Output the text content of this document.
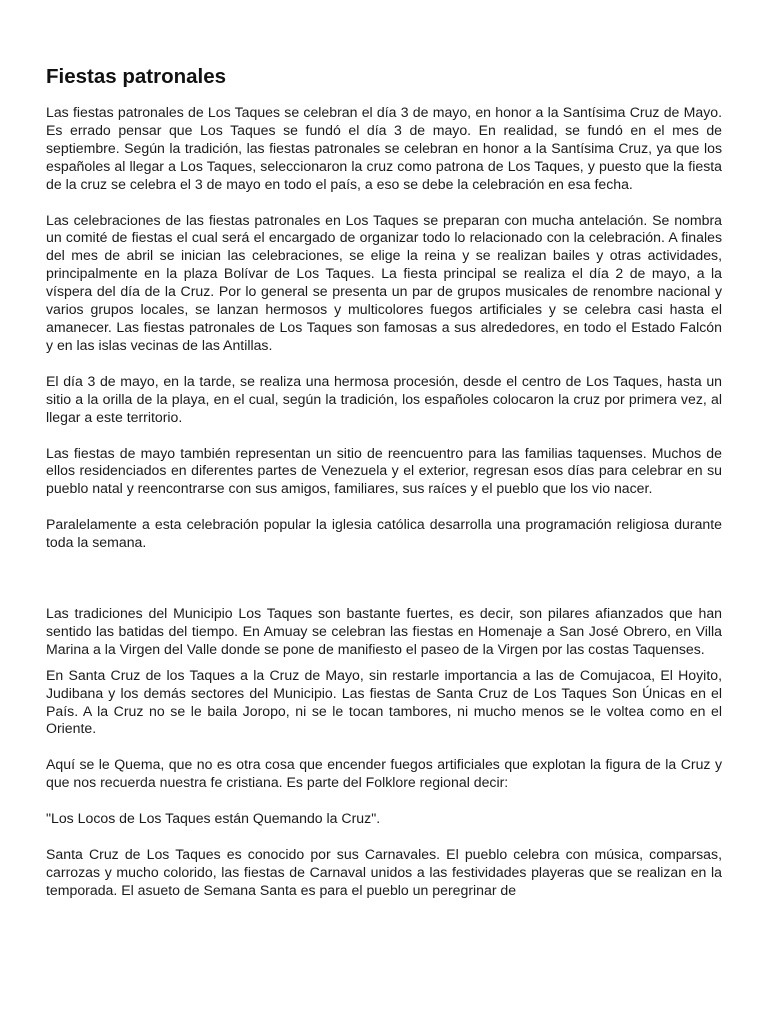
Fiestas patronales

Las fiestas patronales de Los Taques se celebran el día 3 de mayo, en honor a la Santísima Cruz de Mayo. Es errado pensar que Los Taques se fundó el día 3 de mayo. En realidad, se fundó en el mes de septiembre. Según la tradición, las fiestas patronales se celebran en honor a la Santísima Cruz, ya que los españoles al llegar a Los Taques, seleccionaron la cruz como patrona de Los Taques, y puesto que la fiesta de la cruz se celebra el 3 de mayo en todo el país, a eso se debe la celebración en esa fecha.

Las celebraciones de las fiestas patronales en Los Taques se preparan con mucha antelación. Se nombra un comité de fiestas el cual será el encargado de organizar todo lo relacionado con la celebración. A finales del mes de abril se inician las celebraciones, se elige la reina y se realizan bailes y otras actividades, principalmente en la plaza Bolívar de Los Taques. La fiesta principal se realiza el día 2 de mayo, a la víspera del día de la Cruz. Por lo general se presenta un par de grupos musicales de renombre nacional y varios grupos locales, se lanzan hermosos y multicolores fuegos artificiales y se celebra casi hasta el amanecer. Las fiestas patronales de Los Taques son famosas a sus alrededores, en todo el Estado Falcón y en las islas vecinas de las Antillas.

El día 3 de mayo, en la tarde, se realiza una hermosa procesión, desde el centro de Los Taques, hasta un sitio a la orilla de la playa, en el cual, según la tradición, los españoles colocaron la cruz por primera vez, al llegar a este territorio.

Las fiestas de mayo también representan un sitio de reencuentro para las familias taquenses. Muchos de ellos residenciados en diferentes partes de Venezuela y el exterior, regresan esos días para celebrar en su pueblo natal y reencontrarse con sus amigos, familiares, sus raíces y el pueblo que los vio nacer.

Paralelamente a esta celebración popular la iglesia católica desarrolla una programación religiosa durante toda la semana.

Las tradiciones del Municipio Los Taques son bastante fuertes, es decir, son pilares afianzados que han sentido las batidas del tiempo. En Amuay se celebran las fiestas en Homenaje a San José Obrero, en Villa Marina a la Virgen del Valle donde se pone de manifiesto el paseo de la Virgen por las costas Taquenses.

En Santa Cruz de los Taques a la Cruz de Mayo, sin restarle importancia a las de Comujacoa, El Hoyito, Judibana y los demás sectores del Municipio. Las fiestas de Santa Cruz de Los Taques Son Únicas en el País. A la Cruz no se le baila Joropo, ni se le tocan tambores, ni mucho menos se le voltea como en el Oriente.

Aquí se le Quema, que no es otra cosa que encender fuegos artificiales que explotan la figura de la Cruz y que nos recuerda nuestra fe cristiana. Es parte del Folklore regional decir:

"Los Locos de Los Taques están Quemando la Cruz".

Santa Cruz de Los Taques es conocido por sus Carnavales. El pueblo celebra con música, comparsas, carrozas y mucho colorido, las fiestas de Carnaval unidos a las festividades playeras que se realizan en la temporada. El asueto de Semana Santa es para el pueblo un peregrinar de
